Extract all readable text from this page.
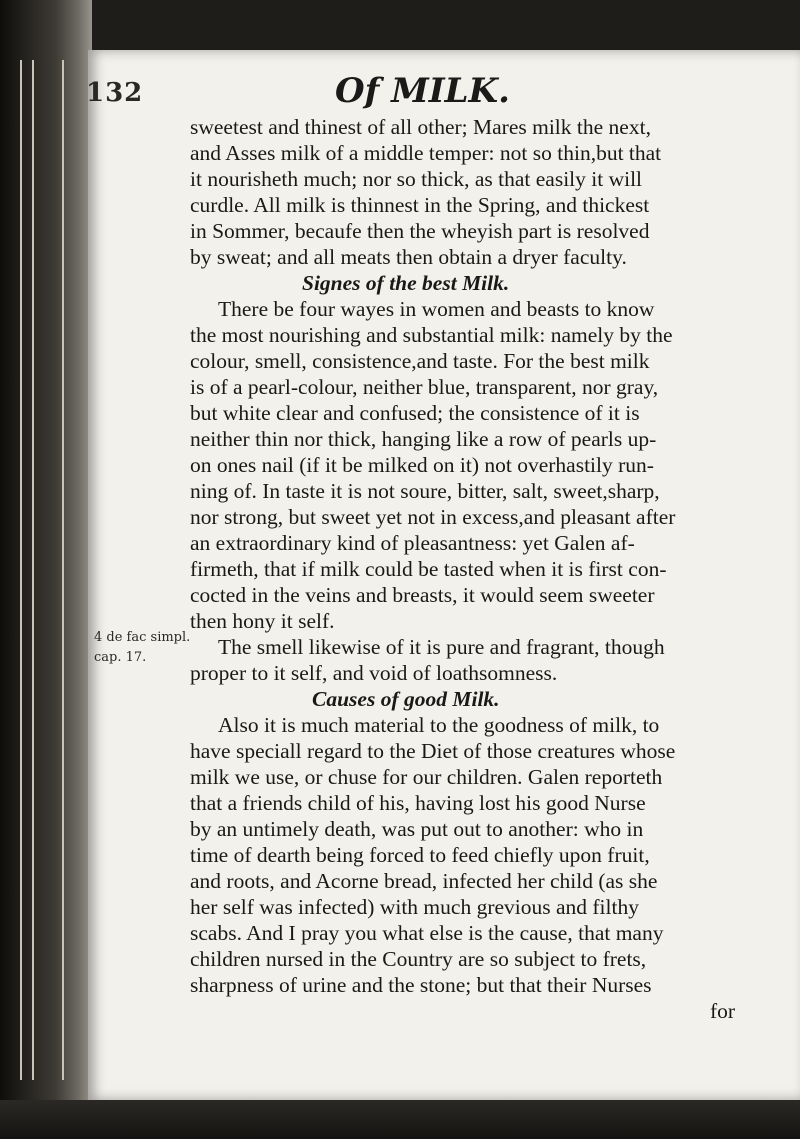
132	Of MILK.

4 de fac simpl.
cap. 17.
sweetest and thinest of all other; Mares milk the next,
and Asses milk of a middle temper: not so thin,but that
it nourisheth much; nor so thick, as that easily it will
curdle. All milk is thinnest in the Spring, and thickest
in Sommer, becaufe then the wheyish part is resolved
by sweat; and all meats then obtain a dryer faculty.
Signes of the best Milk.
There be four wayes in women and beasts to know
the most nourishing and substantial milk: namely by the
colour, smell, consistence,and taste. For the best milk
is of a pearl-colour, neither blue, transparent, nor gray,
but white clear and confused; the consistence of it is
neither thin nor thick, hanging like a row of pearls up-
on ones nail (if it be milked on it) not overhastily run-
ning of. In taste it is not soure, bitter, salt, sweet,sharp,
nor strong, but sweet yet not in excess,and pleasant after
an extraordinary kind of pleasantness: yet Galen af-
firmeth, that if milk could be tasted when it is first con-
cocted in the veins and breasts, it would seem sweeter
then hony it self.
The smell likewise of it is pure and fragrant, though
proper to it self, and void of loathsomness.
Causes of good Milk.
Also it is much material to the goodness of milk, to
have speciall regard to the Diet of those creatures whose
milk we use, or chuse for our children. Galen reporteth
that a friends child of his, having lost his good Nurse
by an untimely death, was put out to another: who in
time of dearth being forced to feed chiefly upon fruit,
and roots, and Acorne bread, infected her child (as she
her self was infected) with much grevious and filthy
scabs. And I pray you what else is the cause, that many
children nursed in the Country are so subject to frets,
sharpness of urine and the stone; but that their Nurses
for
